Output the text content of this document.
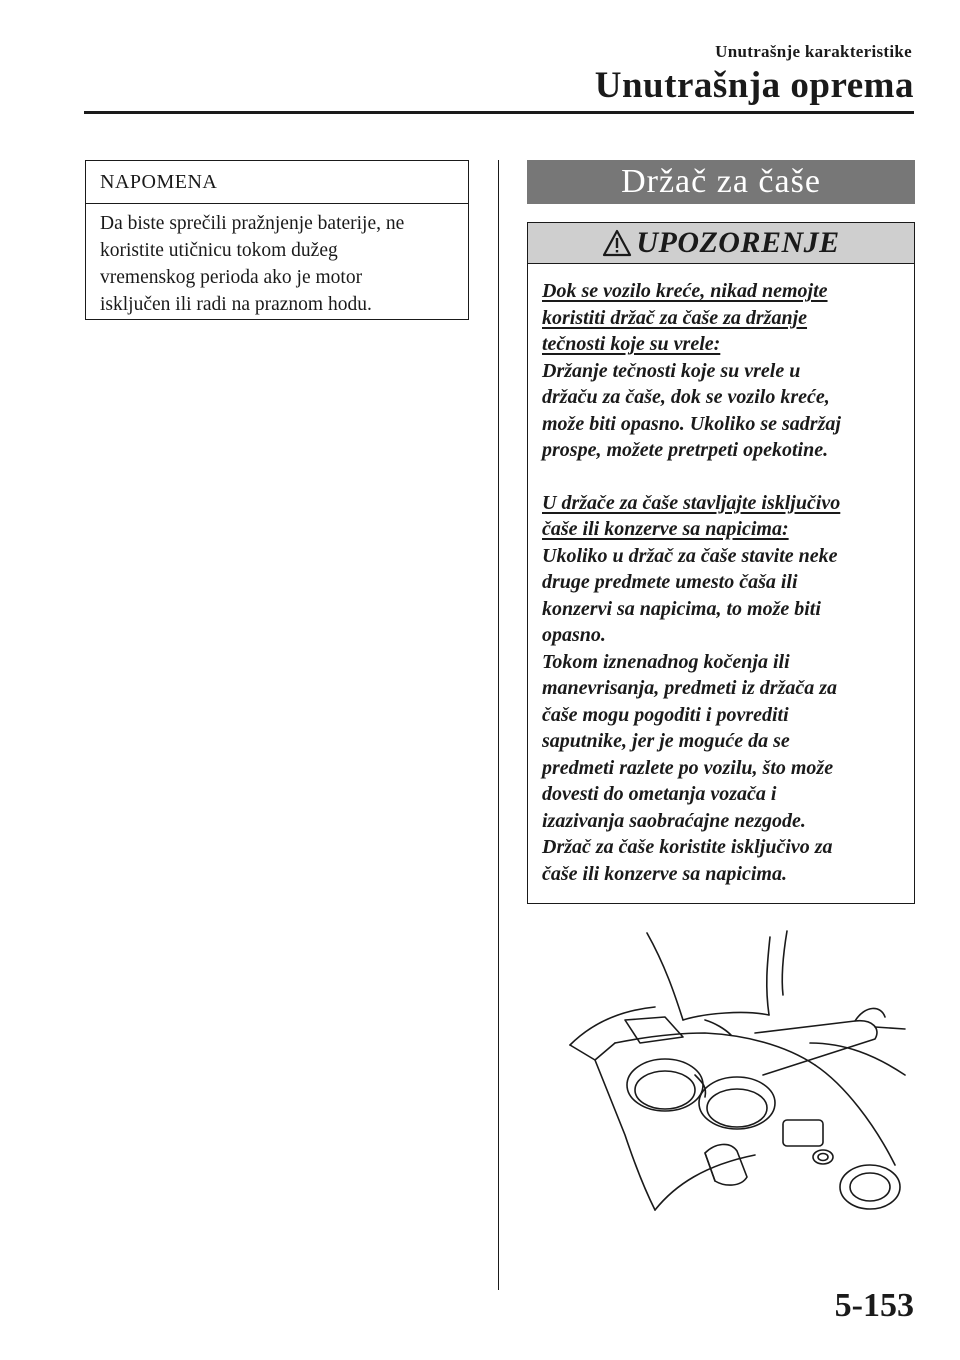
Unutrašnje karakteristike
Unutrašnja oprema
NAPOMENA
Da biste sprečili pražnjenje baterije, ne
koristite utičnicu tokom dužeg
vremenskog perioda ako je motor
isključen ili radi na praznom hodu.
Držač za čaše
UPOZORENJE

Dok se vozilo kreće, nikad nemojte

koristiti držač za čaše za držanje

tečnosti koje su vrele:

Držanje tečnosti koje su vrele u

držaču za čaše, dok se vozilo kreće,

može biti opasno. Ukoliko se sadržaj

prospe, možete pretrpeti opekotine.

U držače za čaše stavljajte isključivo

čaše ili konzerve sa napicima:

Ukoliko u držač za čaše stavite neke

druge predmete umesto čaša ili

konzervi sa napicima, to može biti

opasno.

Tokom iznenadnog kočenja ili

manevrisanja, predmeti iz držača za

čaše mogu pogoditi i povrediti

saputnike, jer je moguće da se

predmeti razlete po vozilu, što može

dovesti do ometanja vozača i

izazivanja saobraćajne nezgode.

Držač za čaše koristite isključivo za

čaše ili konzerve sa napicima.

5-153
